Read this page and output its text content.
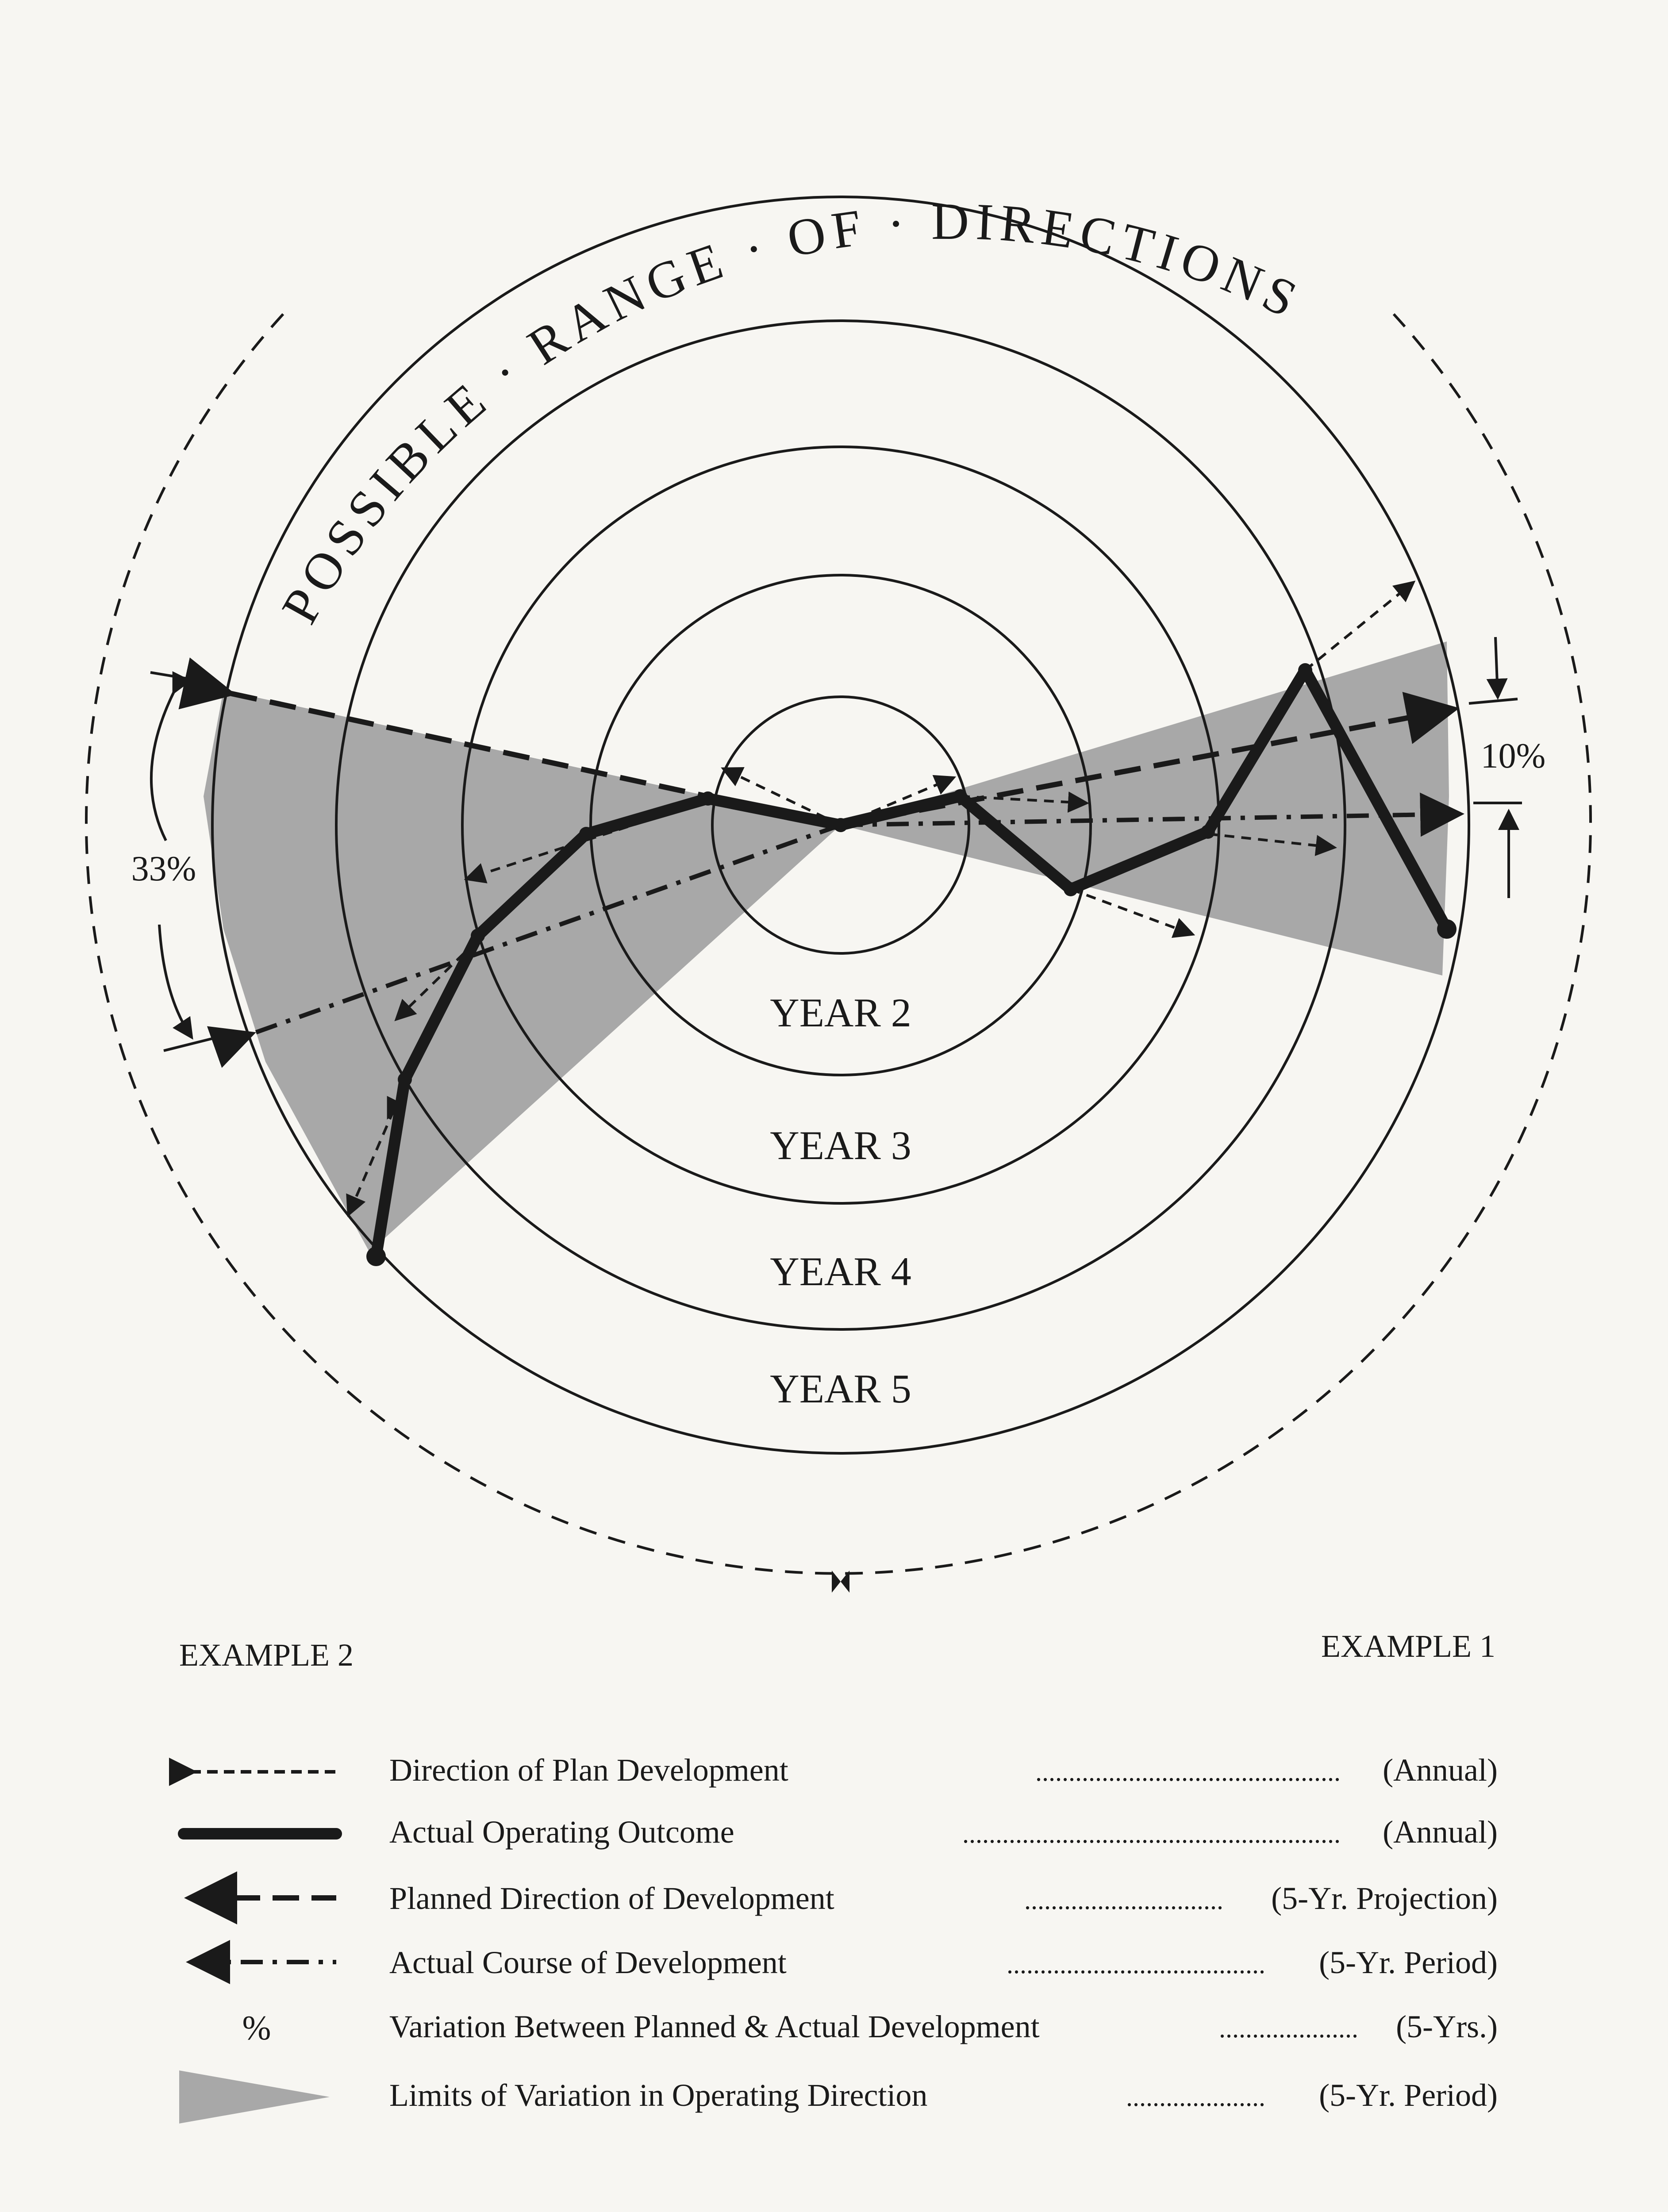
POSSIBLE · RANGE · OF · DIRECTIONS
YEAR 2
YEAR 3
YEAR 4
YEAR 5
33%
10%
EXAMPLE 2	EXAMPLE 1
%
Direction of Plan Development
Actual Operating Outcome
Planned Direction of Development
Actual Course of Development
Variation Between Planned & Actual Development
Limits of Variation in Operating Direction
..............................................
.........................................................
..............................
.......................................
.....................
.....................
(Annual)
(Annual)
(5-Yr. Projection)
(5-Yr. Period)
(5-Yrs.)
(5-Yr. Period)
